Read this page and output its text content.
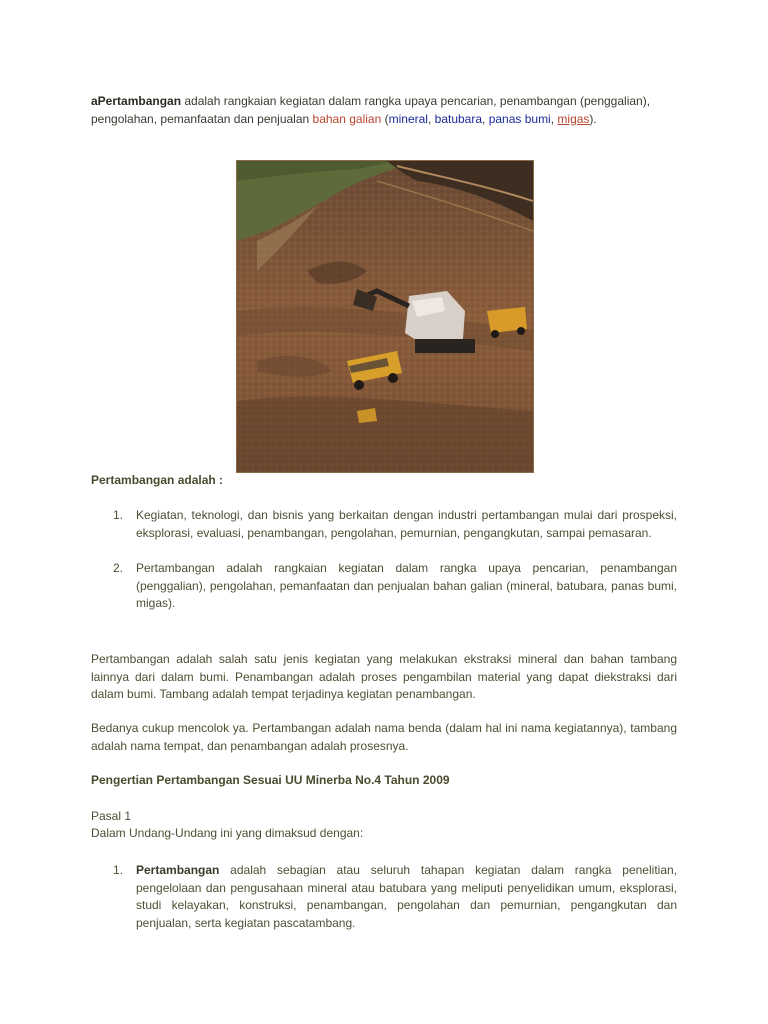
aPertambangan adalah rangkaian kegiatan dalam rangka upaya pencarian, penambangan (penggalian), pengolahan, pemanfaatan dan penjualan bahan galian (mineral, batubara, panas bumi, migas).

Pertambangan adalah :
1. Kegiatan, teknologi, dan bisnis yang berkaitan dengan industri pertambangan mulai dari prospeksi, eksplorasi, evaluasi, penambangan, pengolahan, pemurnian, pengangkutan, sampai pemasaran.
2. Pertambangan adalah rangkaian kegiatan dalam rangka upaya pencarian, penambangan (penggalian), pengolahan, pemanfaatan dan penjualan bahan galian (mineral, batubara, panas bumi, migas).
Pertambangan adalah salah satu jenis kegiatan yang melakukan ekstraksi mineral dan bahan tambang lainnya dari dalam bumi. Penambangan adalah proses pengambilan material yang dapat diekstraksi dari dalam bumi. Tambang adalah tempat terjadinya kegiatan penambangan.
Bedanya cukup mencolok ya. Pertambangan adalah nama benda (dalam hal ini nama kegiatannya), tambang adalah nama tempat, dan penambangan adalah prosesnya.
Pengertian Pertambangan Sesuai UU Minerba No.4 Tahun 2009
Pasal 1
Dalam Undang-Undang ini yang dimaksud dengan:
1. Pertambangan adalah sebagian atau seluruh tahapan kegiatan dalam rangka penelitian, pengelolaan dan pengusahaan mineral atau batubara yang meliputi penyelidikan umum, eksplorasi, studi kelayakan, konstruksi, penambangan, pengolahan dan pemurnian, pengangkutan dan penjualan, serta kegiatan pascatambang.
